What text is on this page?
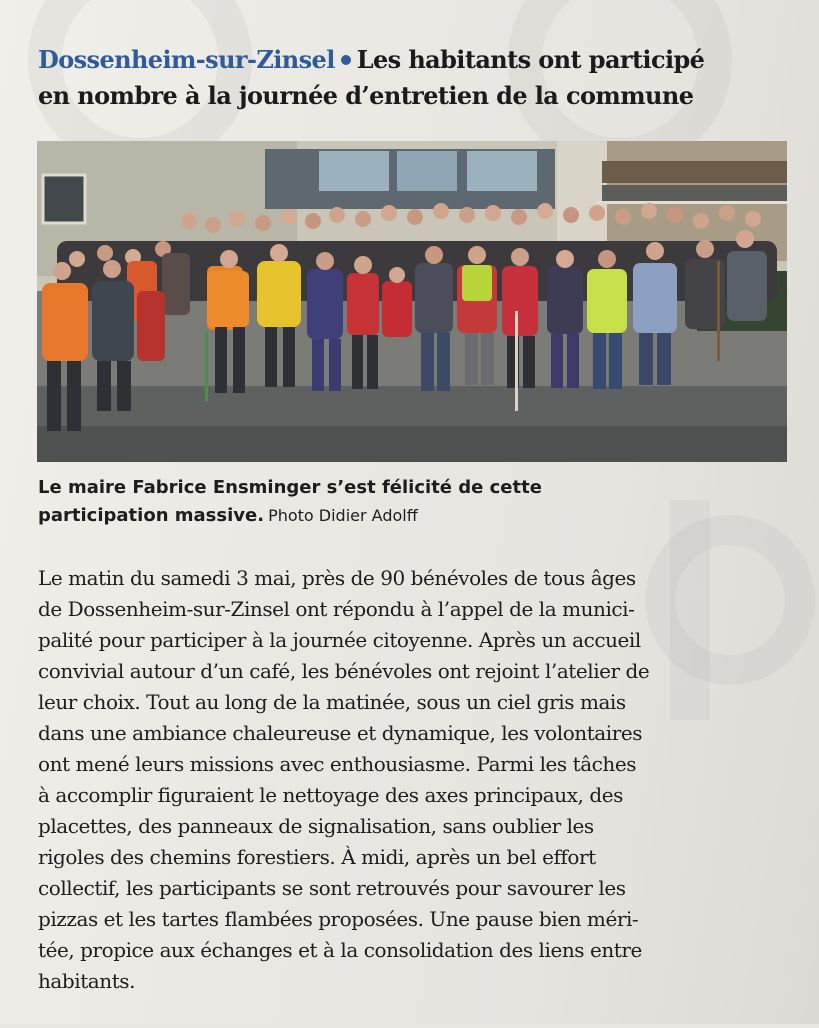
Dossenheim-sur-Zinsel Les habitants ont participé
en nombre à la journée d’entretien de la commune
Le maire Fabrice Ensminger s’est félicité de cette
participation massive. Photo Didier Adolff
Le matin du samedi 3 mai, près de 90 bénévoles de tous âges
de Dossenheim-sur-Zinsel ont répondu à l’appel de la munici-
palité pour participer à la journée citoyenne. Après un accueil
convivial autour d’un café, les bénévoles ont rejoint l’atelier de
leur choix. Tout au long de la matinée, sous un ciel gris mais
dans une ambiance chaleureuse et dynamique, les volontaires
ont mené leurs missions avec enthousiasme. Parmi les tâches
à accomplir figuraient le nettoyage des axes principaux, des
placettes, des panneaux de signalisation, sans oublier les
rigoles des chemins forestiers. À midi, après un bel effort
collectif, les participants se sont retrouvés pour savourer les
pizzas et les tartes flambées proposées. Une pause bien méri-
tée, propice aux échanges et à la consolidation des liens entre
habitants.
